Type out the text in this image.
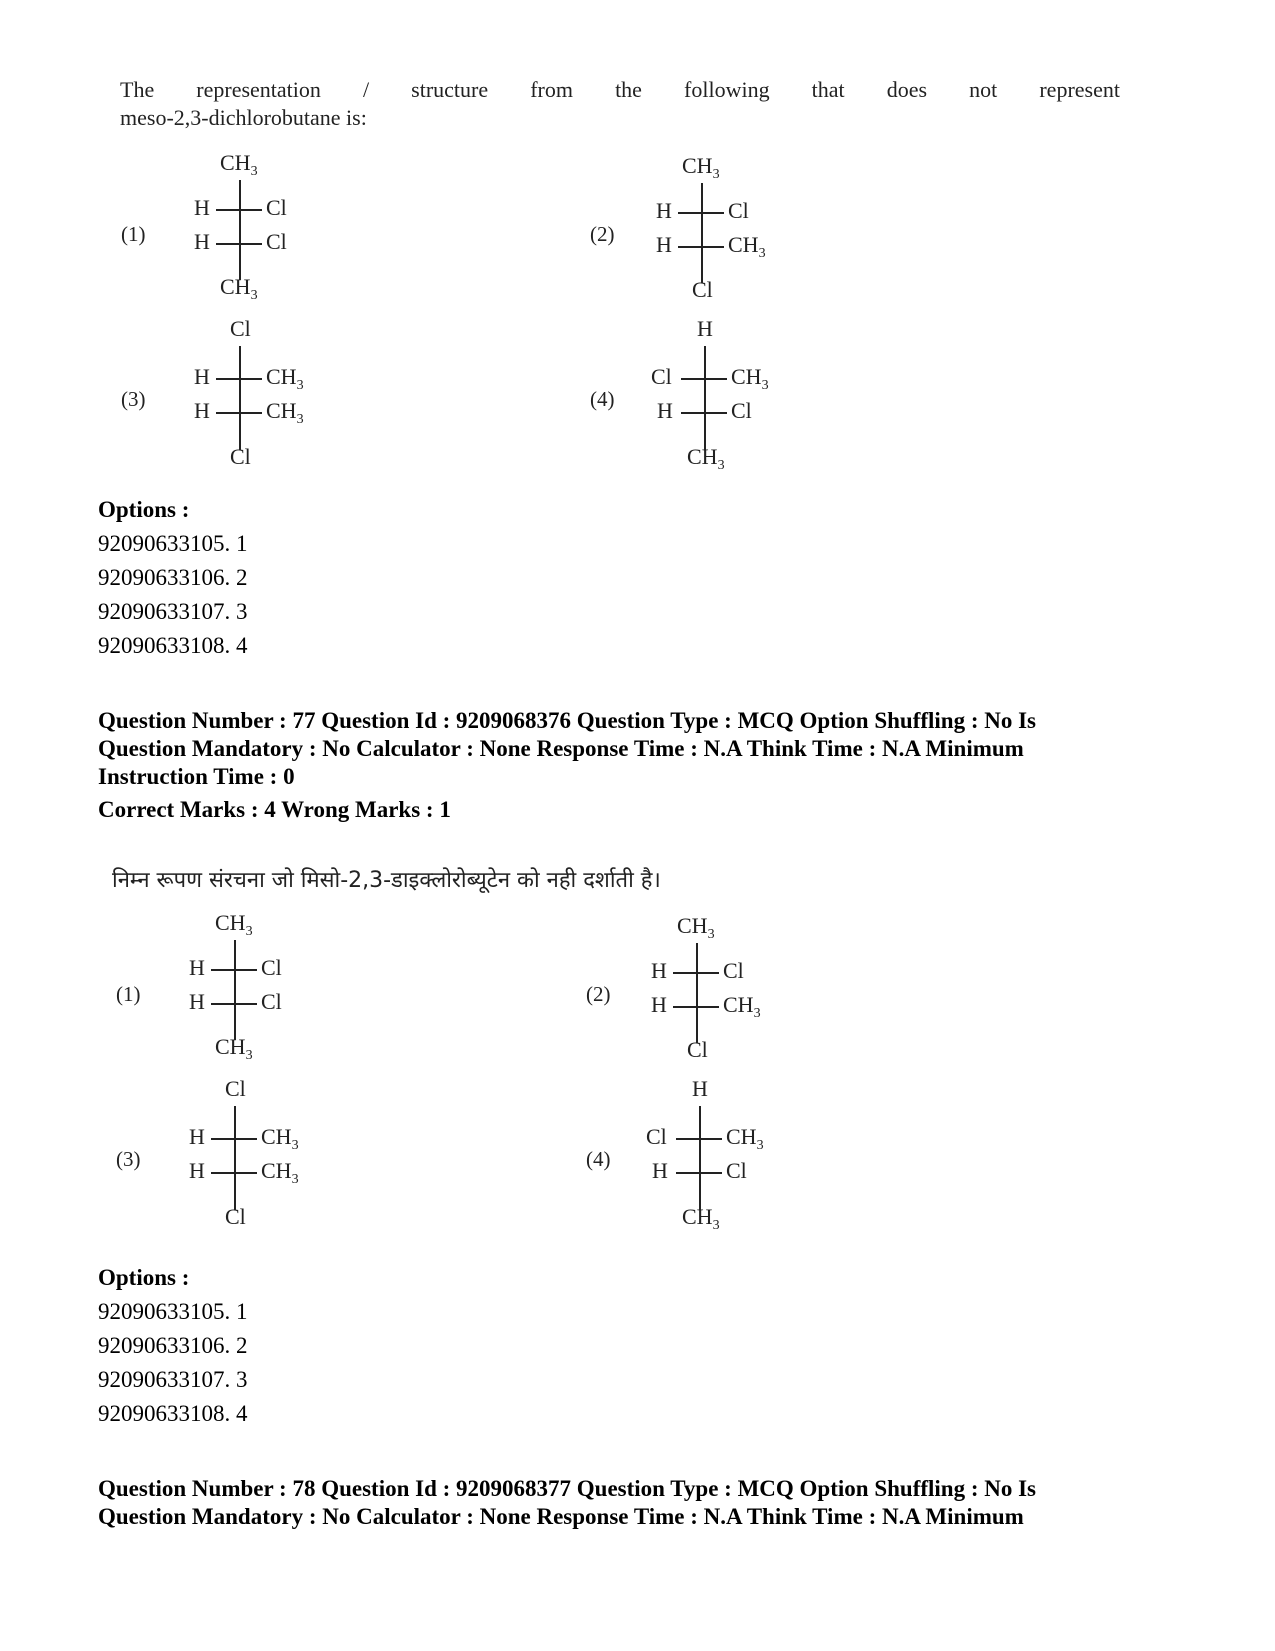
The representation / structure from the following that does not represent
meso-2,3-dichlorobutane is:
(1)
$CH_3$
H	Cl
H	Cl
$CH_3$
(2)
$CH_3$
H	Cl
H	$CH_3$
Cl
(3)
Cl
H	$CH_3$
H	$CH_3$
Cl
(4)
H
Cl	$CH_3$
H	Cl
$CH_3$
Options :
92090633105. 1
92090633106. 2
92090633107. 3
92090633108. 4
Question Number : 77 Question Id : 9209068376 Question Type : MCQ Option Shuffling : No Is
Question Mandatory : No Calculator : None Response Time : N.A Think Time : N.A Minimum
Instruction Time : 0
Correct Marks : 4 Wrong Marks : 1
निम्न रूपण संरचना जो मिसो-2,3-डाइक्लोरोब्यूटेन को नही दर्शाती है।
(1)
$CH_3$
H	Cl
H	Cl
$CH_3$
(2)
$CH_3$
H	Cl
H	$CH_3$
Cl
(3)
Cl
H	$CH_3$
H	$CH_3$
Cl
(4)
H
Cl	$CH_3$
H	Cl
$CH_3$
Options :
92090633105. 1
92090633106. 2
92090633107. 3
92090633108. 4
Question Number : 78 Question Id : 9209068377 Question Type : MCQ Option Shuffling : No Is
Question Mandatory : No Calculator : None Response Time : N.A Think Time : N.A Minimum
